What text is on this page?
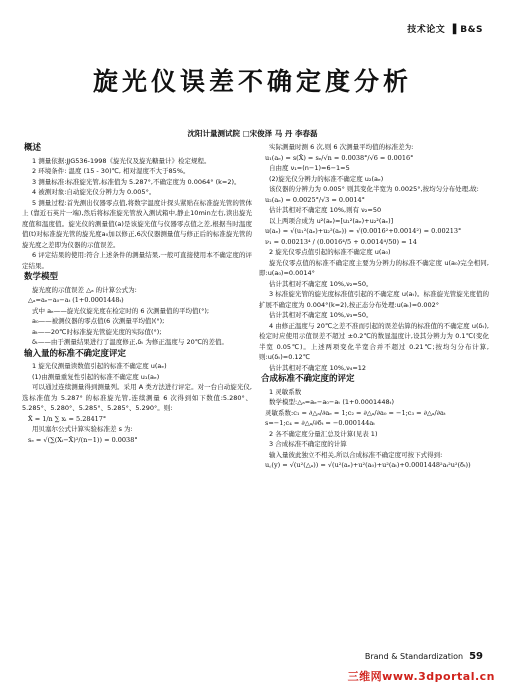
技术论文 ▌B&S
旋光仪误差不确定度分析
沈阳计量测试院 □宋俊泽 马 丹 李春磊
概述
1 测量依据:JJG536-1998《旋光仪及旋光糖量计》检定规程。
2 环境条件: 温度 (15 - 30)℃, 相对湿度不大于85%。
3 测量标准:标准旋光管,标准值为 5.287°,不确定度为 0.0064° (k=2)。
4 被测对象:自动旋光仪分辨力为 0.005°。
5 测量过程:首先测出仪器零点值,将数字温度计探头紧贴在标准旋光管的管体上 (靠近石英片一端),然后将标准旋光管放入测试箱中,静止10min左右,读出旋光度值和温度值。旋光仪的测量值(a)是该旋光值与仪器零点值之差,根据当时温度值(t)对标准旋光管的旋光度a₀加以修正,6次仪器测量值与修正后的标准旋光管的旋光度之差即为仪器的示值误差。
6 评定结果的使用:符合上述条件的测量结果,一般可直接使用本不确定度的评定结果。
数学模型
旋光度的示值误差 △ₐ 的计算公式为:
△ₐ=aₑ−a₀−aₜ (1+0.0001448ₜ)
式中 aₑ——旋光仪旋光度在检定时的 6 次测量值的平均值(°);
a₀——被测仪器的零点值(6 次测量平均值)(°);
aₜ——20℃时标准旋光管旋光度的实际值(°);
δₜ——由于测量结果进行了温度修正,δₜ 为修正温度与 20℃的差值。
输入量的标准不确定度评定
1 旋光仪测量读数值引起的标准不确定度 u(aₑ)
(1)由测量重复性引起的标准不确定度 u₁(aₑ)
可以通过连续测量得到测量列。采用 A 类方法进行评定。对一台自动旋光仪,选标准值为 5.287° 的标准旋光管,连续测量 6 次得到如下数值:5.280°、5.285°、5.280°、5.285°、5.285°、5.290°。则:
X̄ = 1/n ∑ xᵢ = 5.28417°
用贝塞尔公式计算实验标准差 s 为:
sₑ = √(∑(Xᵢ−X̄)²/(n−1)) = 0.0038°
实际测量时测 6 次,则 6 次测量平均值的标准差为:
u₁(aₑ) = s(X̄) = sₑ/√n = 0.0038°/√6 = 0.0016°
自由度 ν₁=(n−1)=6−1=5
(2)旋光仪分辨力的标准不确定度 u₂(aₑ)
该仪器的分辨力为 0.005° 则其变化半宽为 0.0025°,按均匀分布处理,故:
u₂(aₑ) = 0.0025°/√3 = 0.0014°
估计其相对不确定度 10%,则有 ν₂=50
以上两项合成为 u²(aₑ)=[u₁²(aₑ)+u₂²(aₑ)]
u(aₑ) = √(u₁²(aₑ)+u₂²(aₑ)) = √(0.0016²+0.0014²) = 0.00213°
ν₁ = 0.00213⁴ / (0.0016⁴/5 + 0.0014⁴/50) = 14
2 旋光仪零点值引起的标准不确定度 u(a₀)
旋光仪零点值的标准不确定度主要为分辨力的标准不确定度 u(a₀)完全相同,即:u(a₀)=0.0014°
估计其相对不确定度 10%,ν₂=50。
3 标准旋光管的旋光度标准值引起的不确定度 u(aₜ)。标准旋光管旋光度值的扩展不确定度为 0.004°(k=2),按正态分布处理:u(aₜ)=0.002°
估计其相对不确定度 10%,ν₃=50。
4 由修正温度与 20℃之差不准而引起的误差估算的标准值的不确定度 u(δₜ),检定时应使用示值误差不超过 ±0.2℃的数显温度计,设其分辨力为 0.1℃(变化半宽 0.05℃)。上述两项变化半宽合并不超过 0.21℃;按均匀分布计算,则:u(δₜ)=0.12℃
估计其相对不确定度 10%,ν₄=12
合成标准不确定度的评定
1 灵敏系数
数学模型:△ₐ=aₑ−a₀−aₜ (1+0.0001448ₜ)
灵敏系数:c₁ = ∂△ₐ/∂aₑ = 1;c₂ = ∂△ₐ/∂a₀ = −1;c₃ = ∂△ₐ/∂aₜ
s=−1;c₄ = ∂△ₐ/∂δₜ = −0.000144aₜ
2 各不确定度分量汇总及计算(见表 1)
3 合成标准不确定度的计算
输入量彼此独立不相关,所以合成标准不确定度可按下式得到:
u꜀(y) = √(u²(△ₐ)) = √(u²(aₑ)+u²(a₀)+u²(aₜ)+0.0001448²aₜ²u²(δₜ))
Brand & Standardization 59
三维网www.3dportal.cn
